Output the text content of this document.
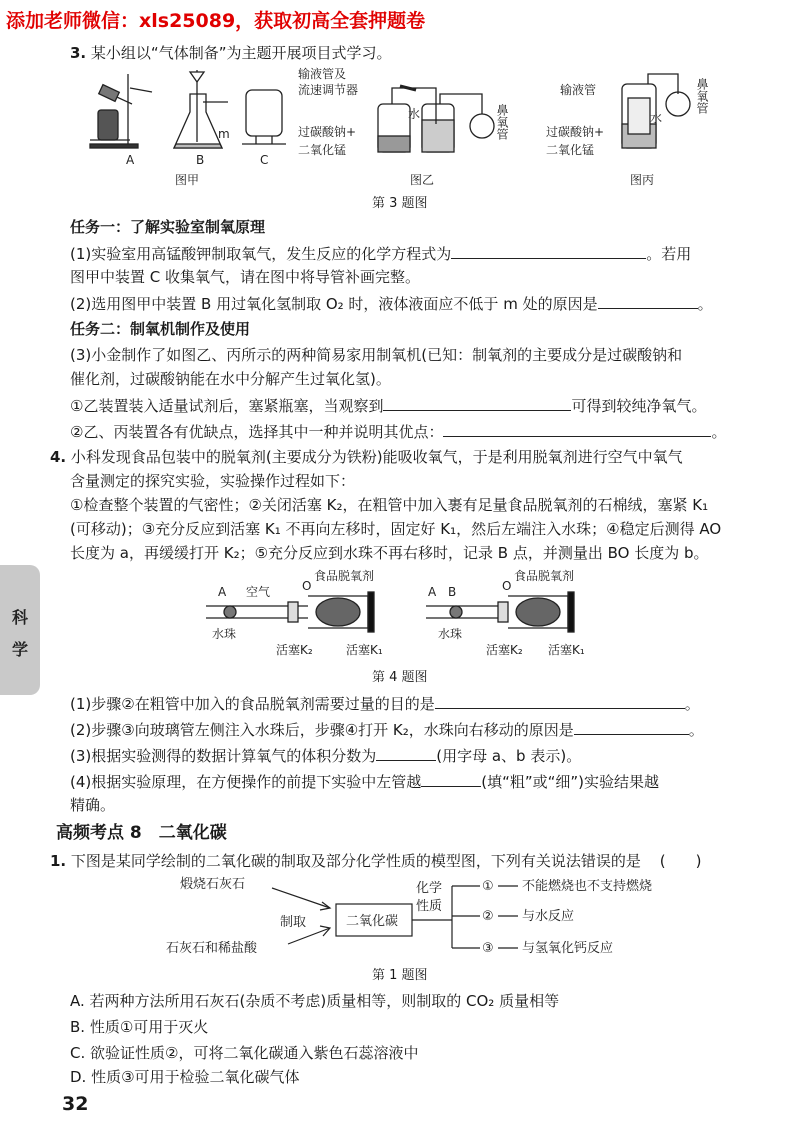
添加老师微信：xls25089，获取初高全套押题卷
3. 某小组以“气体制备”为主题开展项目式学习。
A
m
B	C
图甲
输液管及
流速调节器
过碳酸钠+
二氧化锰
水	鼻氧管
图乙
输液管
过碳酸钠+
二氧化锰
水
鼻氧管
图丙
第 3 题图
任务一：了解实验室制氧原理
(1)实验室用高锰酸钾制取氧气，发生反应的化学方程式为	。若用
图甲中装置 C 收集氧气，请在图中将导管补画完整。
(2)选用图甲中装置 B 用过氧化氢制取 O₂ 时，液体液面应不低于 m 处的原因是	。
任务二：制氧机制作及使用
(3)小金制作了如图乙、丙所示的两种简易家用制氧机(已知：制氧剂的主要成分是过碳酸钠和
催化剂，过碳酸钠能在水中分解产生过氧化氢)。
①乙装置装入适量试剂后，塞紧瓶塞，当观察到	可得到较纯净氧气。
②乙、丙装置各有优缺点，选择其中一种并说明其优点：	。
4. 小科发现食品包装中的脱氧剂(主要成分为铁粉)能吸收氧气，于是利用脱氧剂进行空气中氧气
含量测定的探究实验，实验操作过程如下：
①检查整个装置的气密性；②关闭活塞 K₂，在粗管中加入裹有足量食品脱氧剂的石棉绒，塞紧 K₁
(可移动)；③充分反应到活塞 K₁ 不再向左移时，固定好 K₁，然后左端注入水珠；④稳定后测得 AO
长度为 a，再缓缓打开 K₂；⑤充分反应到水珠不再右移时，记录 B 点，并测量出 BO 长度为 b。
A 空气	O
食品脱氧剂
水珠
活塞K₂	活塞K₁
A B	O
食品脱氧剂
水珠
活塞K₂ 活塞K₁
第 4 题图
(1)步骤②在粗管中加入的食品脱氧剂需要过量的目的是	。
(2)步骤③向玻璃管左侧注入水珠后，步骤④打开 K₂，水珠向右移动的原因是	。
(3)根据实验测得的数据计算氧气的体积分数为	(用字母 a、b 表示)。
(4)根据实验原理，在方便操作的前提下实验中左管越	(填“粗”或“细”)实验结果越
精确。
高频考点 8　二氧化碳
1. 下图是某同学绘制的二氧化碳的制取及部分化学性质的模型图，下列有关说法错误的是 (　　)
煅烧石灰石
石灰石和稀盐酸
制取	二氧化碳
化学
性质
①
②
③
不能燃烧也不支持燃烧
与水反应
与氢氧化钙反应
第 1 题图
A. 若两种方法所用石灰石(杂质不考虑)质量相等，则制取的 CO₂ 质量相等
B. 性质①可用于灭火
C. 欲验证性质②，可将二氧化碳通入紫色石蕊溶液中
D. 性质③可用于检验二氧化碳气体
科
学
32
